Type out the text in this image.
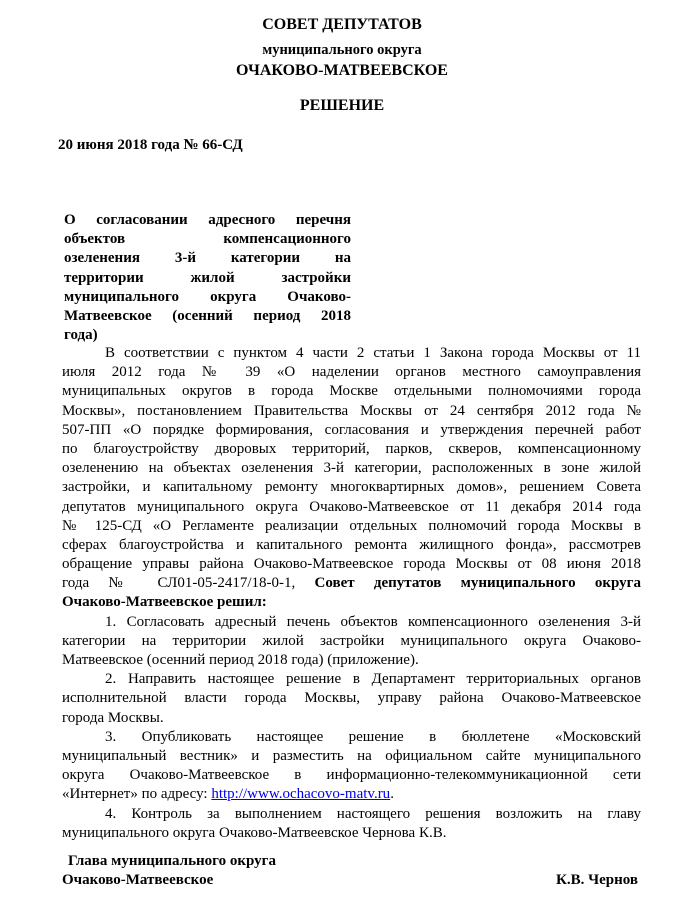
СОВЕТ ДЕПУТАТОВ
муниципального округа
ОЧАКОВО-МАТВЕЕВСКОЕ
РЕШЕНИЕ
20 июня 2018 года № 66-СД
О согласовании адресного перечня
объектов компенсационного
озеленения 3-й категории на
территории жилой застройки
муниципального округа Очаково-
Матвеевское (осенний период 2018
года)
В соответствии с пунктом 4 части 2 статьи 1 Закона города Москвы от 11
июля 2012 года № 39 «О наделении органов местного самоуправления
муниципальных округов в города Москве отдельными полномочиями города
Москвы», постановлением Правительства Москвы от 24 сентября 2012 года №
507-ПП «О порядке формирования, согласования и утверждения перечней работ
по благоустройству дворовых территорий, парков, скверов, компенсационному
озеленению на объектах озеленения 3-й категории, расположенных в зоне жилой
застройки, и капитальному ремонту многоквартирных домов», решением Совета
депутатов муниципального округа Очаково-Матвеевское от 11 декабря 2014 года
№ 125-СД «О Регламенте реализации отдельных полномочий города Москвы в
сферах благоустройства и капитального ремонта жилищного фонда», рассмотрев
обращение управы района Очаково-Матвеевское города Москвы от 08 июня 2018
года № СЛ01-05-2417/18-0-1, Совет депутатов муниципального округа
Очаково-Матвеевское решил:
1. Согласовать адресный печень объектов компенсационного озеленения 3-й
категории на территории жилой застройки муниципального округа Очаково-
Матвеевское (осенний период 2018 года) (приложение).
2. Направить настоящее решение в Департамент территориальных органов
исполнительной власти города Москвы, управу района Очаково-Матвеевское
города Москвы.
3. Опубликовать настоящее решение в бюллетене «Московский
муниципальный вестник» и разместить на официальном сайте муниципального
округа Очаково-Матвеевское в информационно-телекоммуникационной сети
«Интернет» по адресу: http://www.ochacovo-matv.ru.
4. Контроль за выполнением настоящего решения возложить на главу
муниципального округа Очаково-Матвеевское Чернова К.В.
Глава муниципального округа
Очаково-Матвеевское	К.В. Чернов
